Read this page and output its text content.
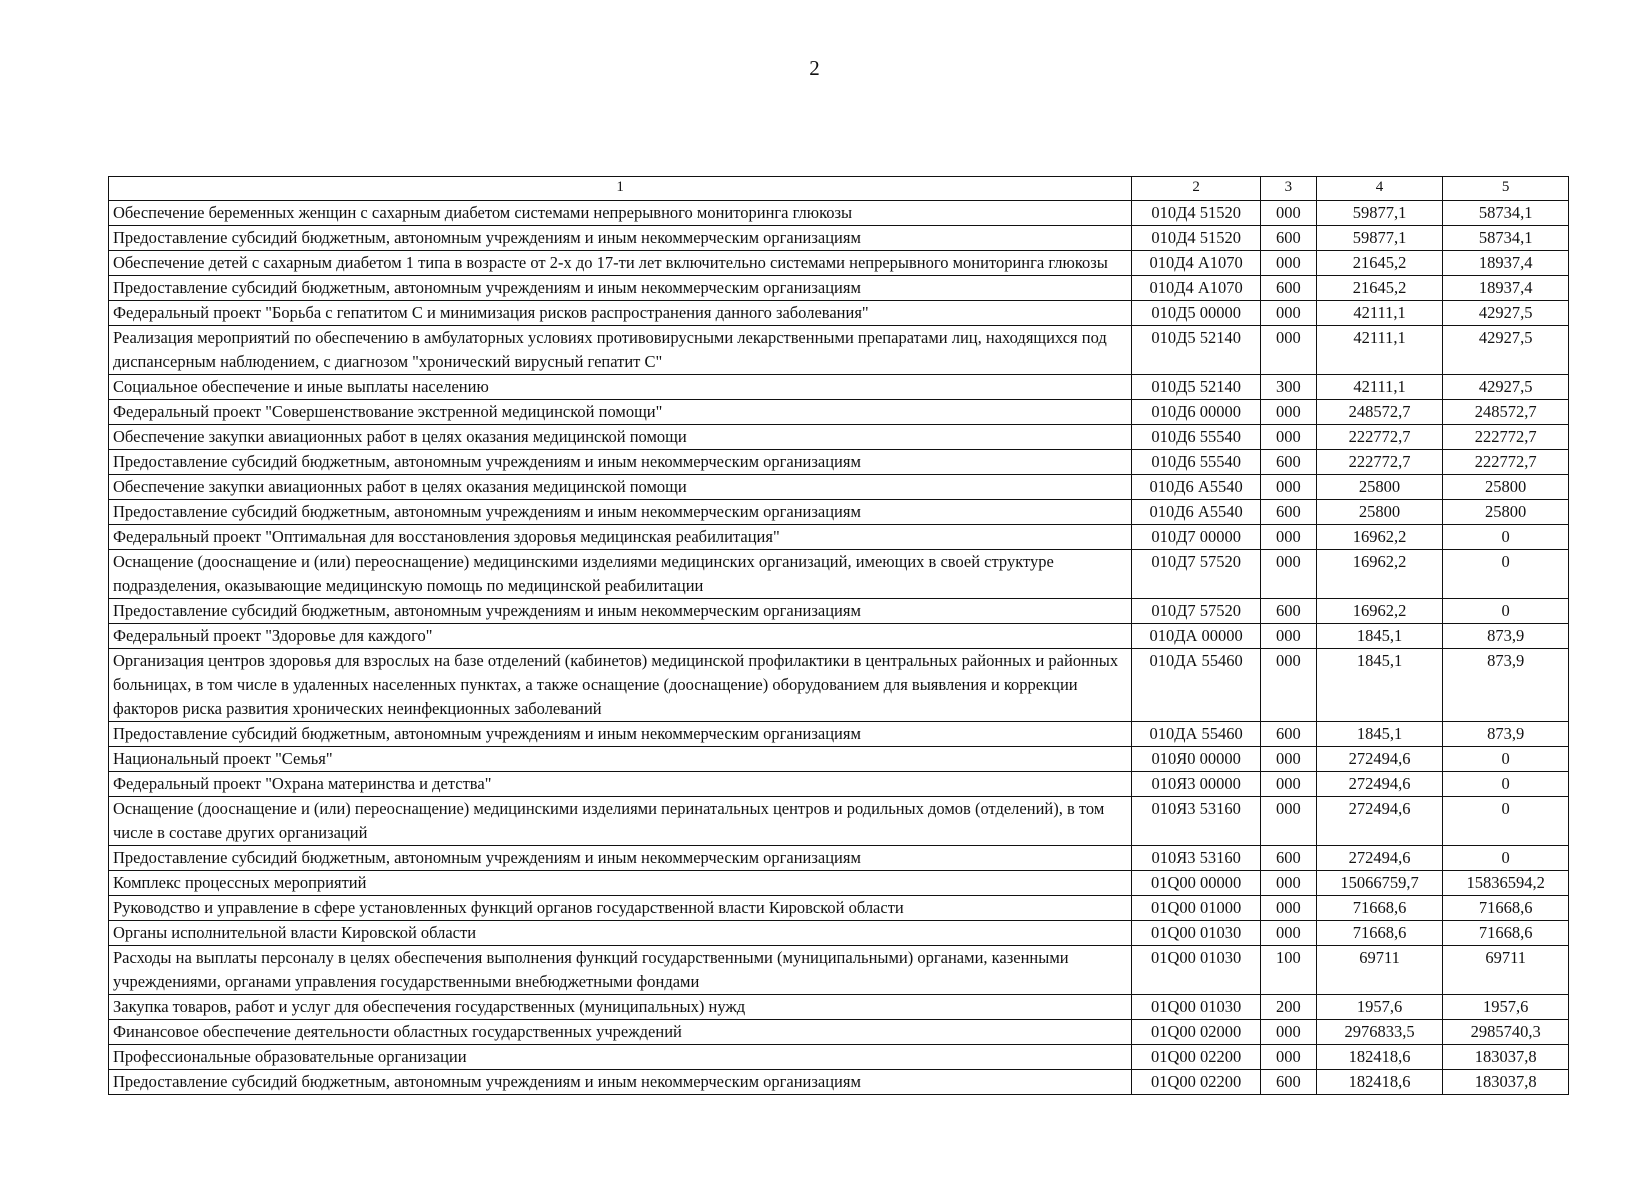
2
1	2	3	4	5
Обеспечение беременных женщин с сахарным диабетом системами непрерывного мониторинга глюкозы	010Д4 51520	000	59877,1	58734,1
Предоставление субсидий бюджетным, автономным учреждениям и иным некоммерческим организациям	010Д4 51520	600	59877,1	58734,1
Обеспечение детей с сахарным диабетом 1 типа в возрасте от 2-х до 17-ти лет включительно системами непрерывного мониторинга глюкозы	010Д4 А1070	000	21645,2	18937,4
Предоставление субсидий бюджетным, автономным учреждениям и иным некоммерческим организациям	010Д4 А1070	600	21645,2	18937,4
Федеральный проект "Борьба с гепатитом С и минимизация рисков распространения данного заболевания"	010Д5 00000	000	42111,1	42927,5
Реализация мероприятий по обеспечению в амбулаторных условиях противовирусными лекарственными препаратами лиц, находящихся под диспансерным наблюдением, с диагнозом "хронический вирусный гепатит С"	010Д5 52140	000	42111,1	42927,5
Социальное обеспечение и иные выплаты населению	010Д5 52140	300	42111,1	42927,5
Федеральный проект "Совершенствование экстренной медицинской помощи"	010Д6 00000	000	248572,7	248572,7
Обеспечение закупки авиационных работ в целях оказания медицинской помощи	010Д6 55540	000	222772,7	222772,7
Предоставление субсидий бюджетным, автономным учреждениям и иным некоммерческим организациям	010Д6 55540	600	222772,7	222772,7
Обеспечение закупки авиационных работ в целях оказания медицинской помощи	010Д6 А5540	000	25800	25800
Предоставление субсидий бюджетным, автономным учреждениям и иным некоммерческим организациям	010Д6 А5540	600	25800	25800
Федеральный проект "Оптимальная для восстановления здоровья медицинская реабилитация"	010Д7 00000	000	16962,2	0
Оснащение (дооснащение и (или) переоснащение) медицинскими изделиями медицинских организаций, имеющих в своей структуре подразделения, оказывающие медицинскую помощь по медицинской реабилитации	010Д7 57520	000	16962,2	0
Предоставление субсидий бюджетным, автономным учреждениям и иным некоммерческим организациям	010Д7 57520	600	16962,2	0
Федеральный проект "Здоровье для каждого"	010ДА 00000	000	1845,1	873,9
Организация центров здоровья для взрослых на базе отделений (кабинетов) медицинской профилактики в центральных районных и районных больницах, в том числе в удаленных населенных пунктах, а также оснащение (дооснащение) оборудованием для выявления и коррекции факторов риска развития хронических неинфекционных заболеваний	010ДА 55460	000	1845,1	873,9
Предоставление субсидий бюджетным, автономным учреждениям и иным некоммерческим организациям	010ДА 55460	600	1845,1	873,9
Национальный проект "Семья"	010Я0 00000	000	272494,6	0
Федеральный проект "Охрана материнства и детства"	010Я3 00000	000	272494,6	0
Оснащение (дооснащение и (или) переоснащение) медицинскими изделиями перинатальных центров и родильных домов (отделений), в том числе в составе других организаций	010Я3 53160	000	272494,6	0
Предоставление субсидий бюджетным, автономным учреждениям и иным некоммерческим организациям	010Я3 53160	600	272494,6	0
Комплекс процессных мероприятий	01Q00 00000	000	15066759,7	15836594,2
Руководство и управление в сфере установленных функций органов государственной власти Кировской области	01Q00 01000	000	71668,6	71668,6
Органы исполнительной власти Кировской области	01Q00 01030	000	71668,6	71668,6
Расходы на выплаты персоналу в целях обеспечения выполнения функций государственными (муниципальными) органами, казенными учреждениями, органами управления государственными внебюджетными фондами	01Q00 01030	100	69711	69711
Закупка товаров, работ и услуг для обеспечения государственных (муниципальных) нужд	01Q00 01030	200	1957,6	1957,6
Финансовое обеспечение деятельности областных государственных учреждений	01Q00 02000	000	2976833,5	2985740,3
Профессиональные образовательные организации	01Q00 02200	000	182418,6	183037,8
Предоставление субсидий бюджетным, автономным учреждениям и иным некоммерческим организациям	01Q00 02200	600	182418,6	183037,8
